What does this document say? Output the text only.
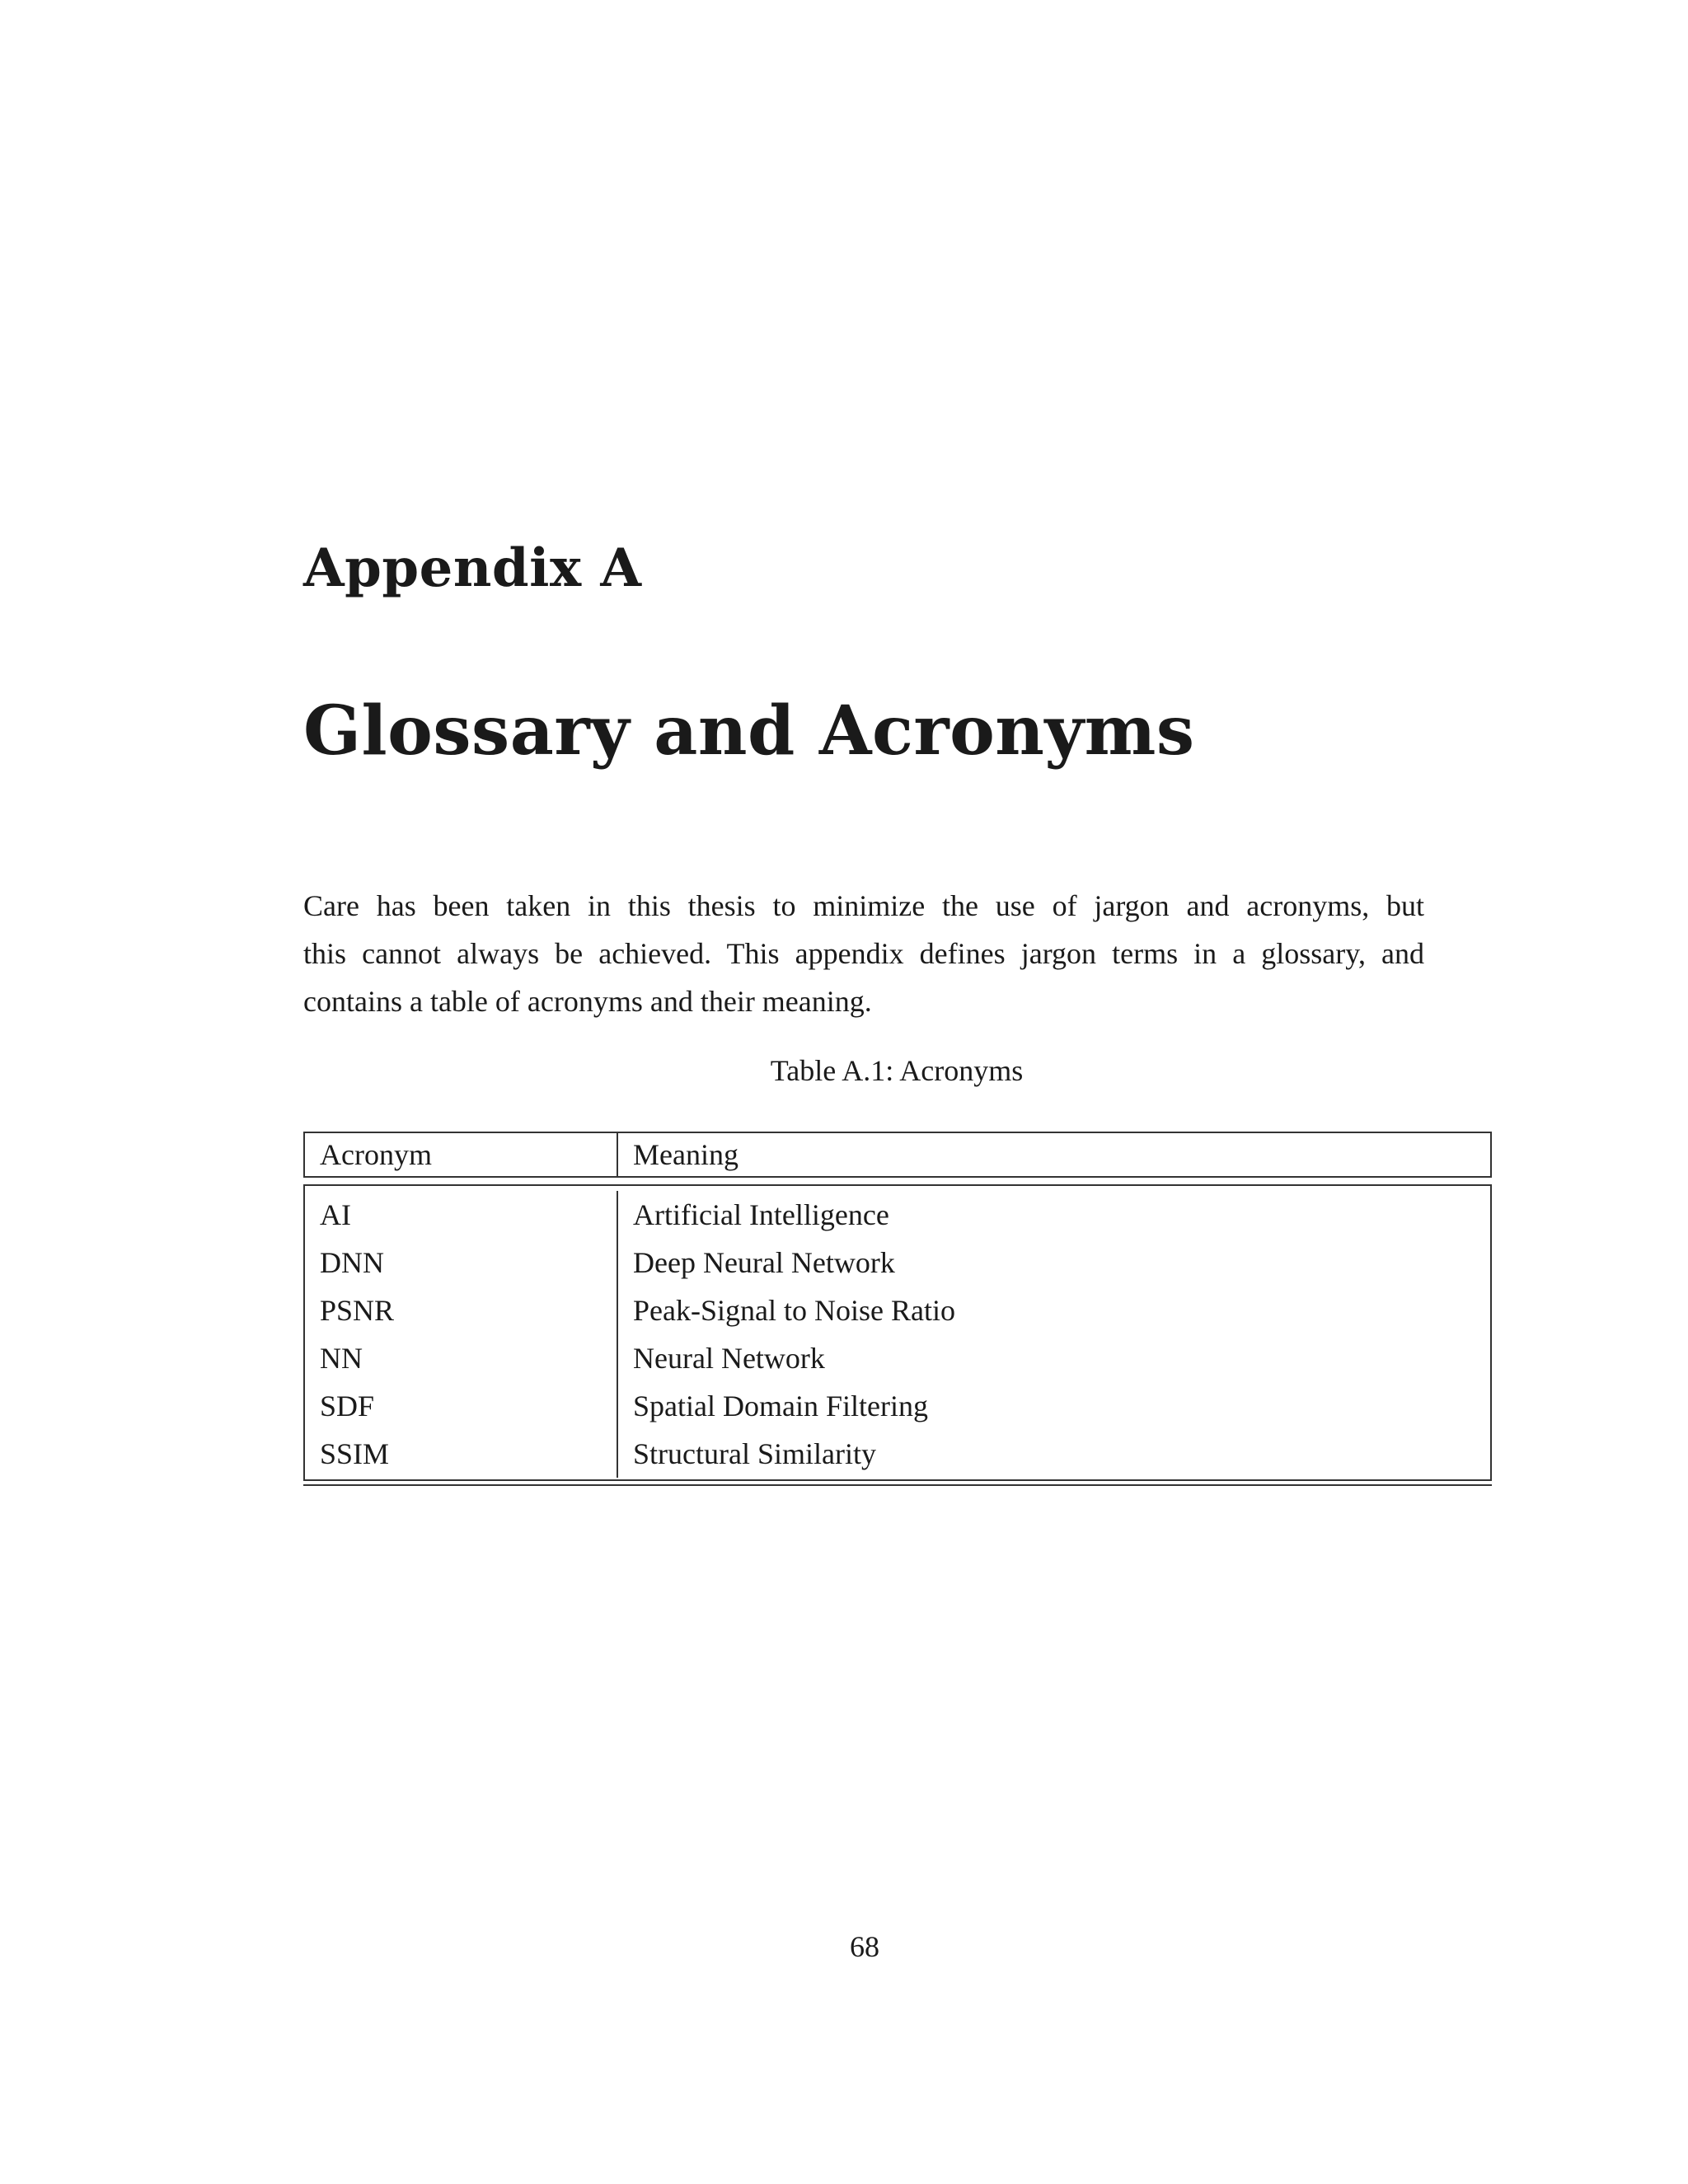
Appendix A
Glossary and Acronyms

Care has been taken in this thesis to minimize the use of jargon and acronyms, but
this cannot always be achieved. This appendix defines jargon terms in a glossary, and
contains a table of acronyms and their meaning.

Table A.1: Acronyms

Acronym	Meaning
AI	Artificial Intelligence
DNN	Deep Neural Network
PSNR	Peak-Signal to Noise Ratio
NN	Neural Network
SDF	Spatial Domain Filtering
SSIM	Structural Similarity

68
